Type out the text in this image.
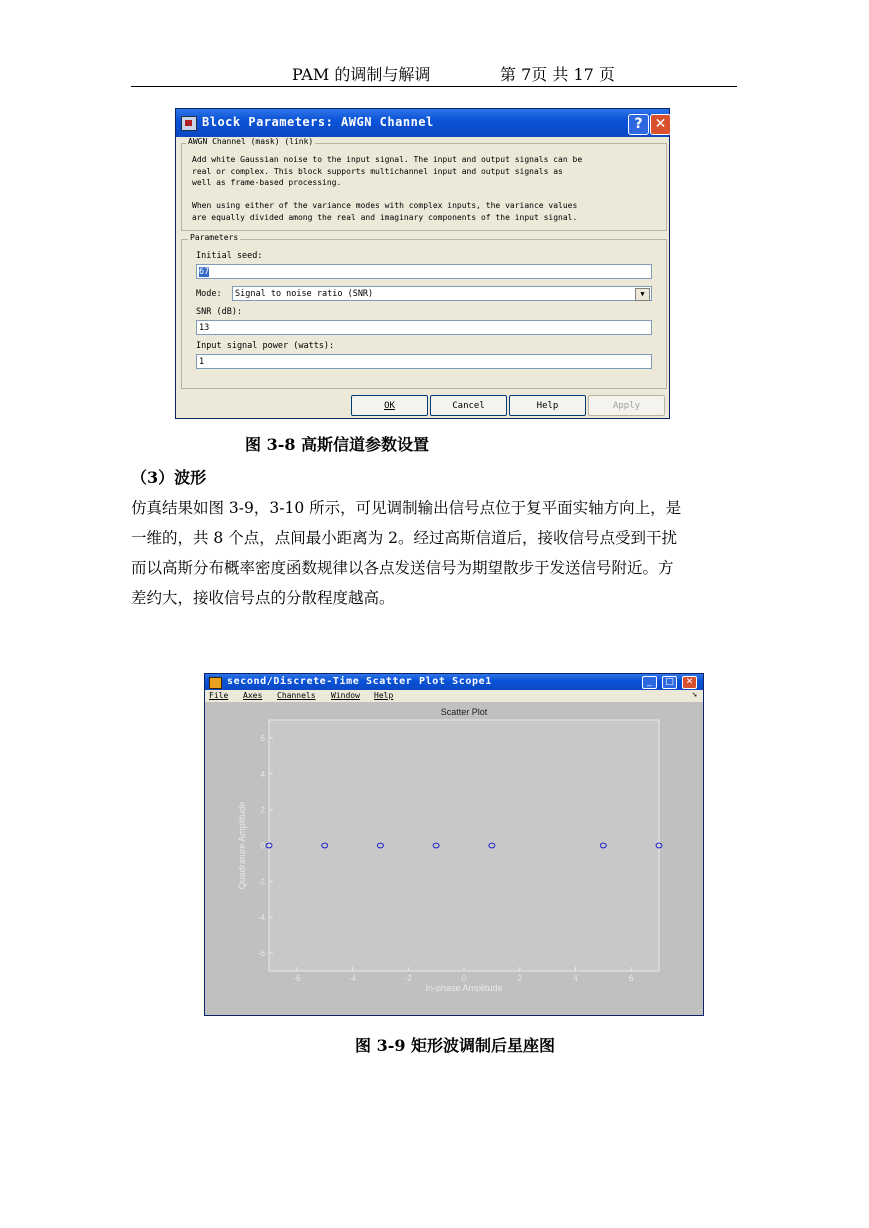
PAM 的调制与解调	第 7页 共 17 页
Block Parameters: AWGN Channel	? ✕
AWGN Channel (mask) (link)
Add white Gaussian noise to the input signal. The input and output signals can be
real or complex. This block supports multichannel input and output signals as
well as frame-based processing.
When using either of the variance modes with complex inputs, the variance values
are equally divided among the real and imaginary components of the input signal.
Parameters
Initial seed:
67
Mode:	Signal to noise ratio (SNR)	▼
SNR (dB):
13
Input signal power (watts):
1
OK	Cancel	Help	Apply
图 3-8 高斯信道参数设置
（3）波形
仿真结果如图 3-9，3-10 所示，可见调制输出信号点位于复平面实轴方向上，是
一维的，共 8 个点，点间最小距离为 2。经过高斯信道后，接收信号点受到干扰
而以高斯分布概率密度函数规律以各点发送信号为期望散步于发送信号附近。方
差约大，接收信号点的分散程度越高。
second/Discrete-Time Scatter Plot Scope1	_	□	✕
File Axes Channels Window Help	➘
Scatter Plot
-6	-4	-2	0	2	4	6
6
4
2
0
-2
-4
-6
In-phase Amplitude
Quadrature Amplitude
图 3-9 矩形波调制后星座图
